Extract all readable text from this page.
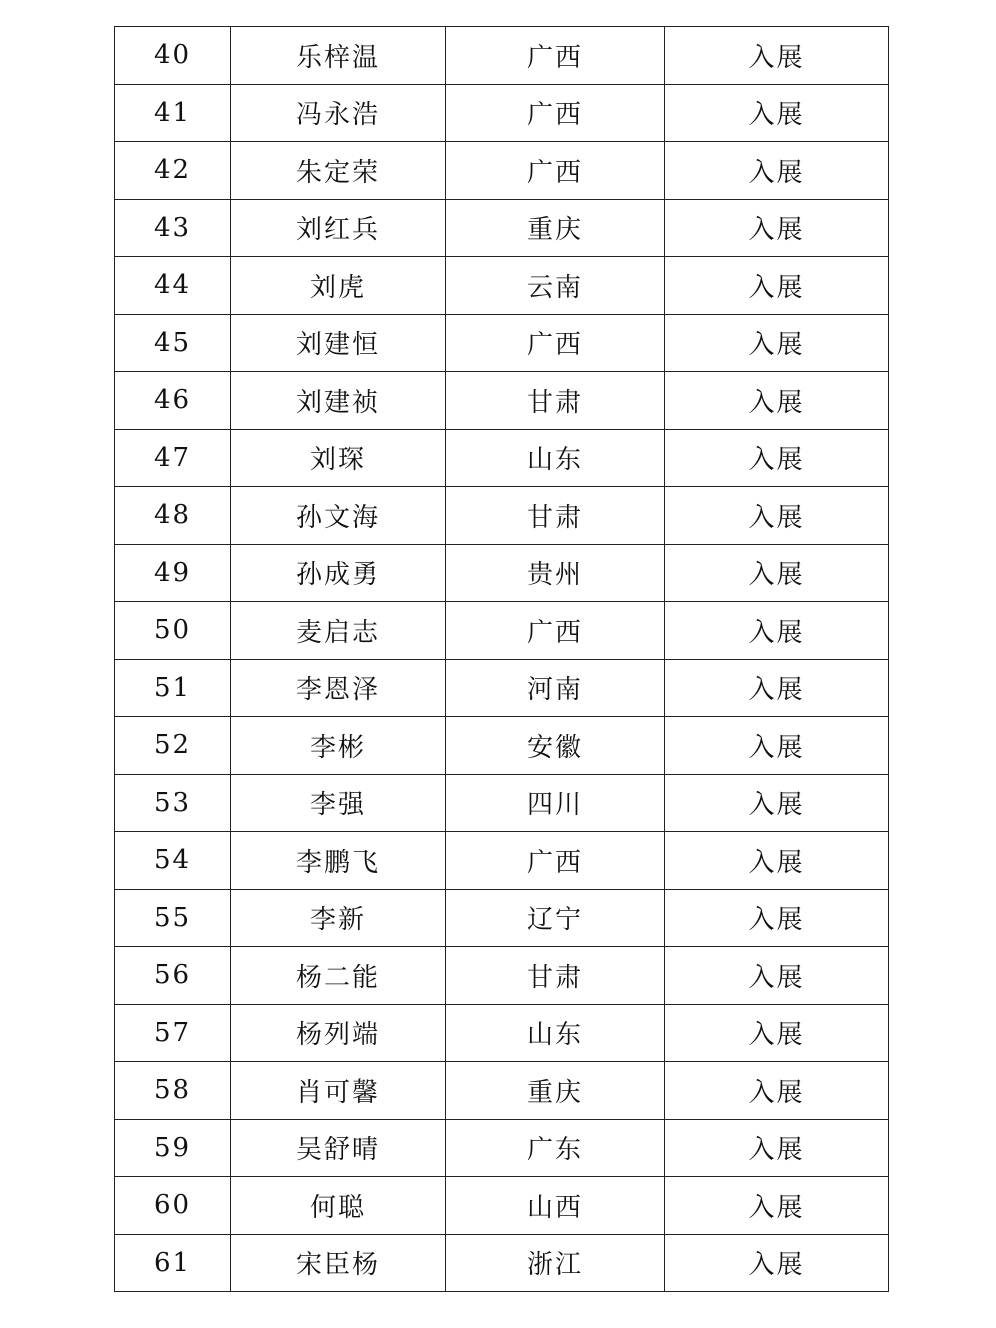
40	乐梓温	广西	入展
41	冯永浩	广西	入展
42	朱定荣	广西	入展
43	刘红兵	重庆	入展
44	刘虎	云南	入展
45	刘建恒	广西	入展
46	刘建祯	甘肃	入展
47	刘琛	山东	入展
48	孙文海	甘肃	入展
49	孙成勇	贵州	入展
50	麦启志	广西	入展
51	李恩泽	河南	入展
52	李彬	安徽	入展
53	李强	四川	入展
54	李鹏飞	广西	入展
55	李新	辽宁	入展
56	杨二能	甘肃	入展
57	杨列端	山东	入展
58	肖可馨	重庆	入展
59	吴舒晴	广东	入展
60	何聪	山西	入展
61	宋臣杨	浙江	入展
